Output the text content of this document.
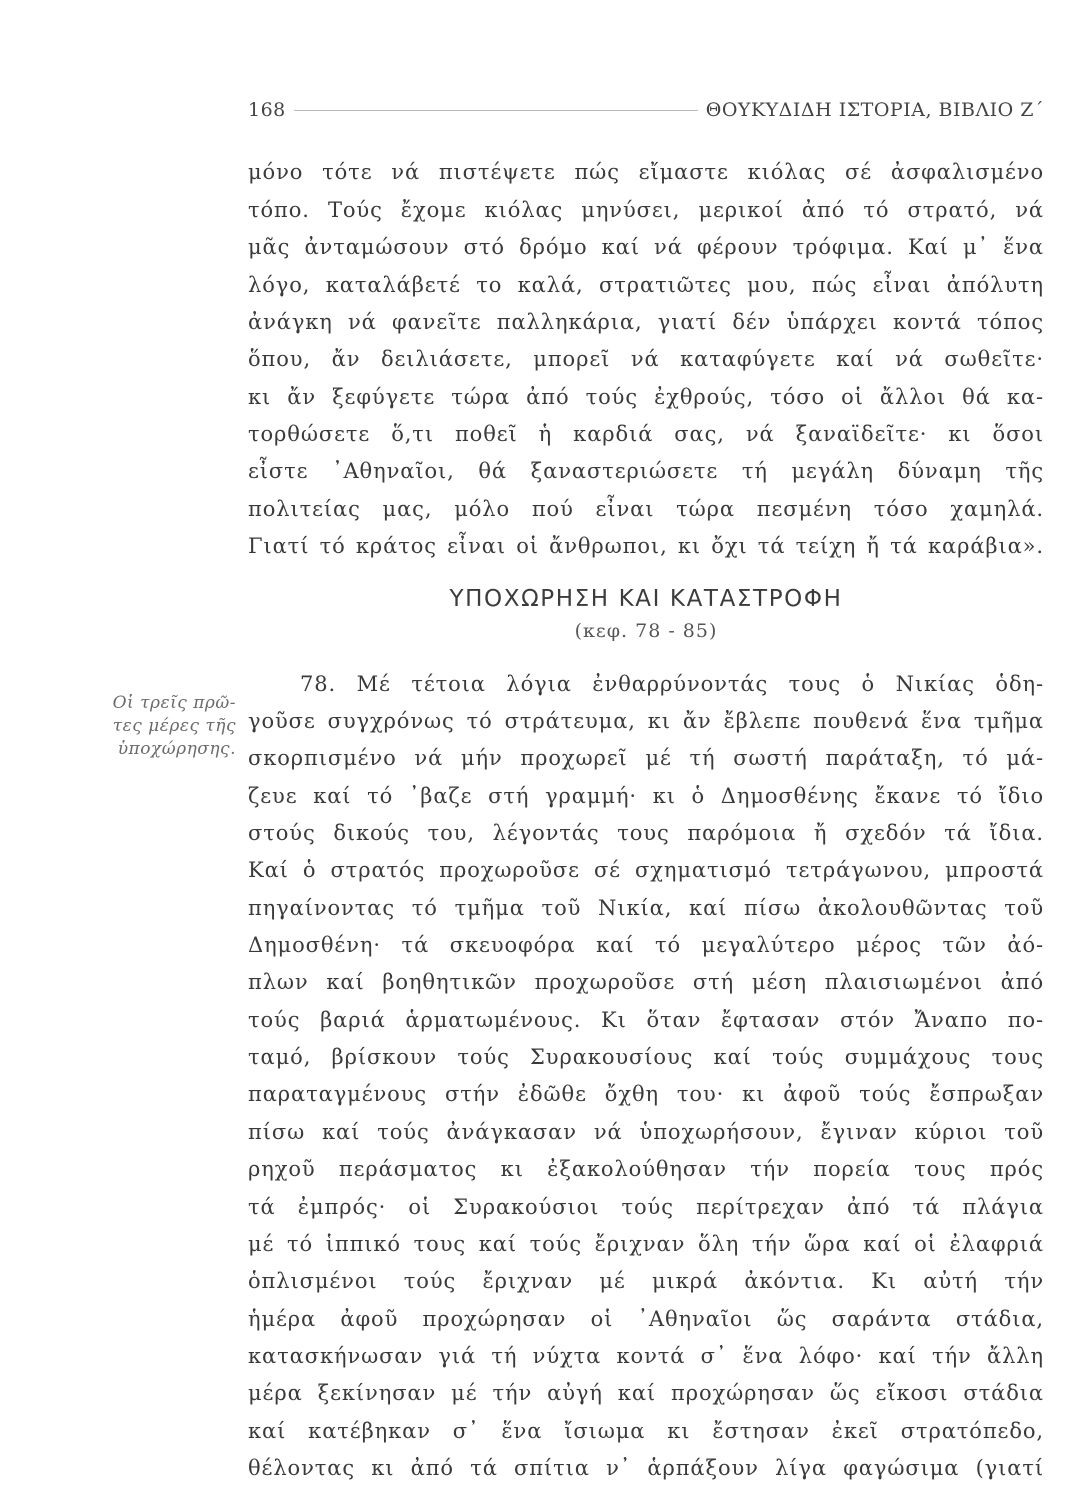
168	ΘΟΥΚΥΔΙΔΗ ΙΣΤΟΡΙΑ, ΒΙΒΛΙΟ Ζ΄
μόνο τότε νά πιστέψετε πώς εἴμαστε κιόλας σέ ἀσφαλισμένο
τόπο. Τούς ἔχομε κιόλας μηνύσει, μερικοί ἀπό τό στρατό, νά
μᾶς ἀνταμώσουν στό δρόμο καί νά φέρουν τρόφιμα. Καί μ᾽ ἕνα
λόγο, καταλάβετέ το καλά, στρατιῶτες μου, πώς εἶναι ἀπόλυτη
ἀνάγκη νά φανεῖτε παλληκάρια, γιατί δέν ὑπάρχει κοντά τόπος
ὅπου, ἄν δειλιάσετε, μπορεῖ νά καταφύγετε καί νά σωθεῖτε·
κι ἄν ξεφύγετε τώρα ἀπό τούς ἐχθρούς, τόσο οἱ ἄλλοι θά κα-
τορθώσετε ὅ,τι ποθεῖ ἡ καρδιά σας, νά ξαναϊδεῖτε· κι ὅσοι
εἶστε ᾿Αθηναῖοι, θά ξαναστεριώσετε τή μεγάλη δύναμη τῆς
πολιτείας μας, μόλο πού εἶναι τώρα πεσμένη τόσο χαμηλά.
Γιατί τό κράτος εἶναι οἱ ἄνθρωποι, κι ὄχι τά τείχη ἤ τά καράβια».
ΥΠΟΧΩΡΗΣΗ ΚΑΙ ΚΑΤΑΣΤΡΟΦΗ
(κεφ. 78 - 85)
Οἱ τρεῖς πρῶ-
τες μέρες τῆς
ὑποχώρησης.
78. Μέ τέτοια λόγια ἐνθαρρύνοντάς τους ὁ Νικίας ὁδη-
γοῦσε συγχρόνως τό στράτευμα, κι ἄν ἔβλεπε πουθενά ἕνα τμῆμα
σκορπισμένο νά μήν προχωρεῖ μέ τή σωστή παράταξη, τό μά-
ζευε καί τό ᾿βαζε στή γραμμή· κι ὁ Δημοσθένης ἔκανε τό ἴδιο
στούς δικούς του, λέγοντάς τους παρόμοια ἤ σχεδόν τά ἴδια.
Καί ὁ στρατός προχωροῦσε σέ σχηματισμό τετράγωνου, μπροστά
πηγαίνοντας τό τμῆμα τοῦ Νικία, καί πίσω ἀκολουθῶντας τοῦ
Δημοσθένη· τά σκευοφόρα καί τό μεγαλύτερο μέρος τῶν ἀό-
πλων καί βοηθητικῶν προχωροῦσε στή μέση πλαισιωμένοι ἀπό
τούς βαριά ἁρματωμένους. Κι ὅταν ἔφτασαν στόν Ἄναπο πο-
ταμό, βρίσκουν τούς Συρακουσίους καί τούς συμμάχους τους
παραταγμένους στήν ἐδῶθε ὄχθη του· κι ἀφοῦ τούς ἔσπρωξαν
πίσω καί τούς ἀνάγκασαν νά ὑποχωρήσουν, ἔγιναν κύριοι τοῦ
ρηχοῦ περάσματος κι ἐξακολούθησαν τήν πορεία τους πρός
τά ἐμπρός· οἱ Συρακούσιοι τούς περίτρεχαν ἀπό τά πλάγια
μέ τό ἱππικό τους καί τούς ἔριχναν ὅλη τήν ὥρα καί οἱ ἐλαφριά
ὁπλισμένοι τούς ἔριχναν μέ μικρά ἀκόντια. Κι αὐτή τήν
ἡμέρα ἀφοῦ προχώρησαν οἱ ᾿Αθηναῖοι ὥς σαράντα στάδια,
κατασκήνωσαν γιά τή νύχτα κοντά σ᾽ ἕνα λόφο· καί τήν ἄλλη
μέρα ξεκίνησαν μέ τήν αὐγή καί προχώρησαν ὥς εἴκοσι στάδια
καί κατέβηκαν σ᾽ ἕνα ἴσιωμα κι ἔστησαν ἐκεῖ στρατόπεδο,
θέλοντας κι ἀπό τά σπίτια ν᾽ ἁρπάξουν λίγα φαγώσιμα (γιατί
